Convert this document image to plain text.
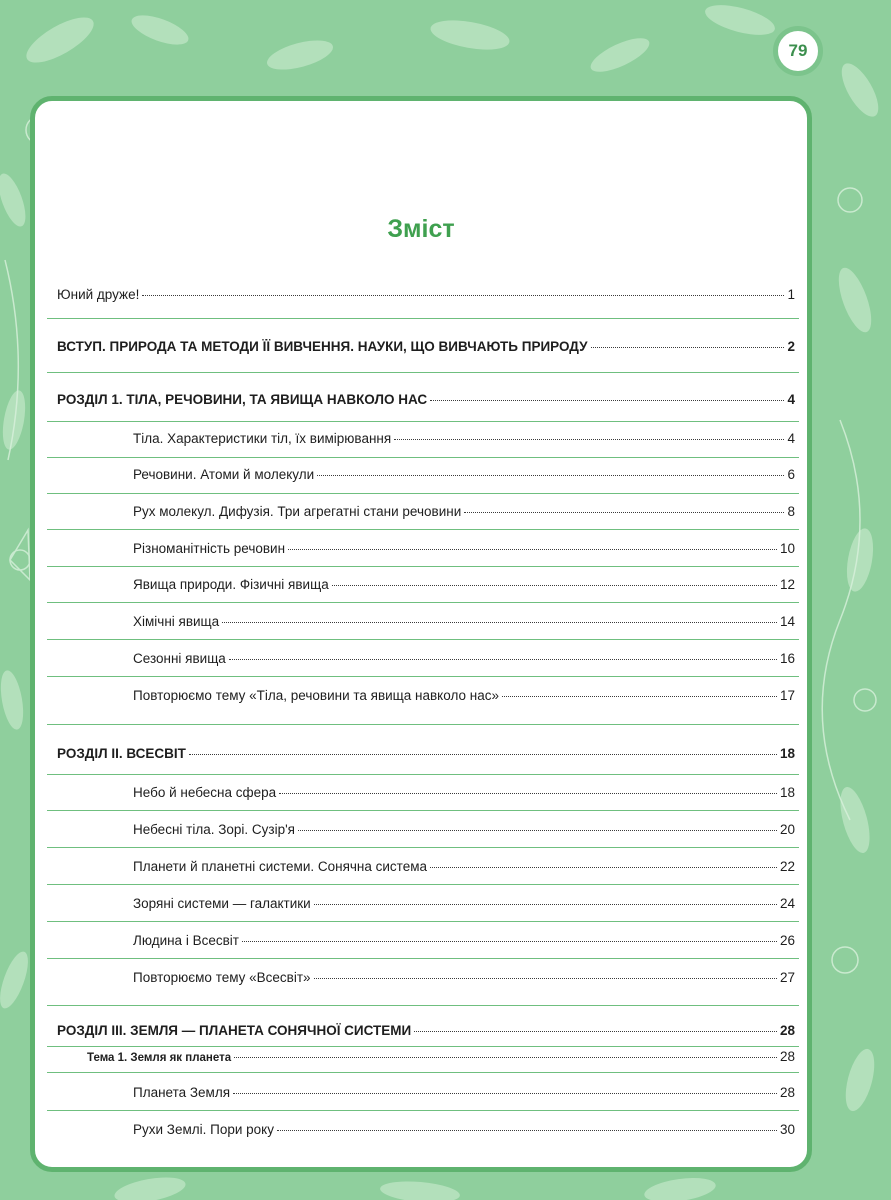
79
Зміст
Юний друже!	1
ВСТУП. ПРИРОДА ТА МЕТОДИ ЇЇ ВИВЧЕННЯ. НАУКИ, ЩО ВИВЧАЮТЬ ПРИРОДУ	2
РОЗДІЛ 1. ТІЛА, РЕЧОВИНИ, ТА ЯВИЩА НАВКОЛО НАС	4
Тіла. Характеристики тіл, їх вимірювання	4
Речовини. Атоми й молекули	6
Рух молекул. Дифузія. Три агрегатні стани речовини	8
Різноманітність речовин	10
Явища природи. Фізичні явища	12
Хімічні явища	14
Сезонні явища	16
Повторюємо тему «Тіла, речовини та явища навколо нас»	17
РОЗДІЛ ІІ. ВСЕСВІТ	18
Небо й небесна сфера	18
Небесні тіла. Зорі. Сузір'я	20
Планети й планетні системи. Сонячна система	22
Зоряні системи — галактики	24
Людина і Всесвіт	26
Повторюємо тему «Всесвіт»	27
РОЗДІЛ ІІІ. ЗЕМЛЯ — ПЛАНЕТА СОНЯЧНОЇ СИСТЕМИ	28
Тема 1. Земля як планета	28
Планета Земля	28
Рухи Землі. Пори року	30
